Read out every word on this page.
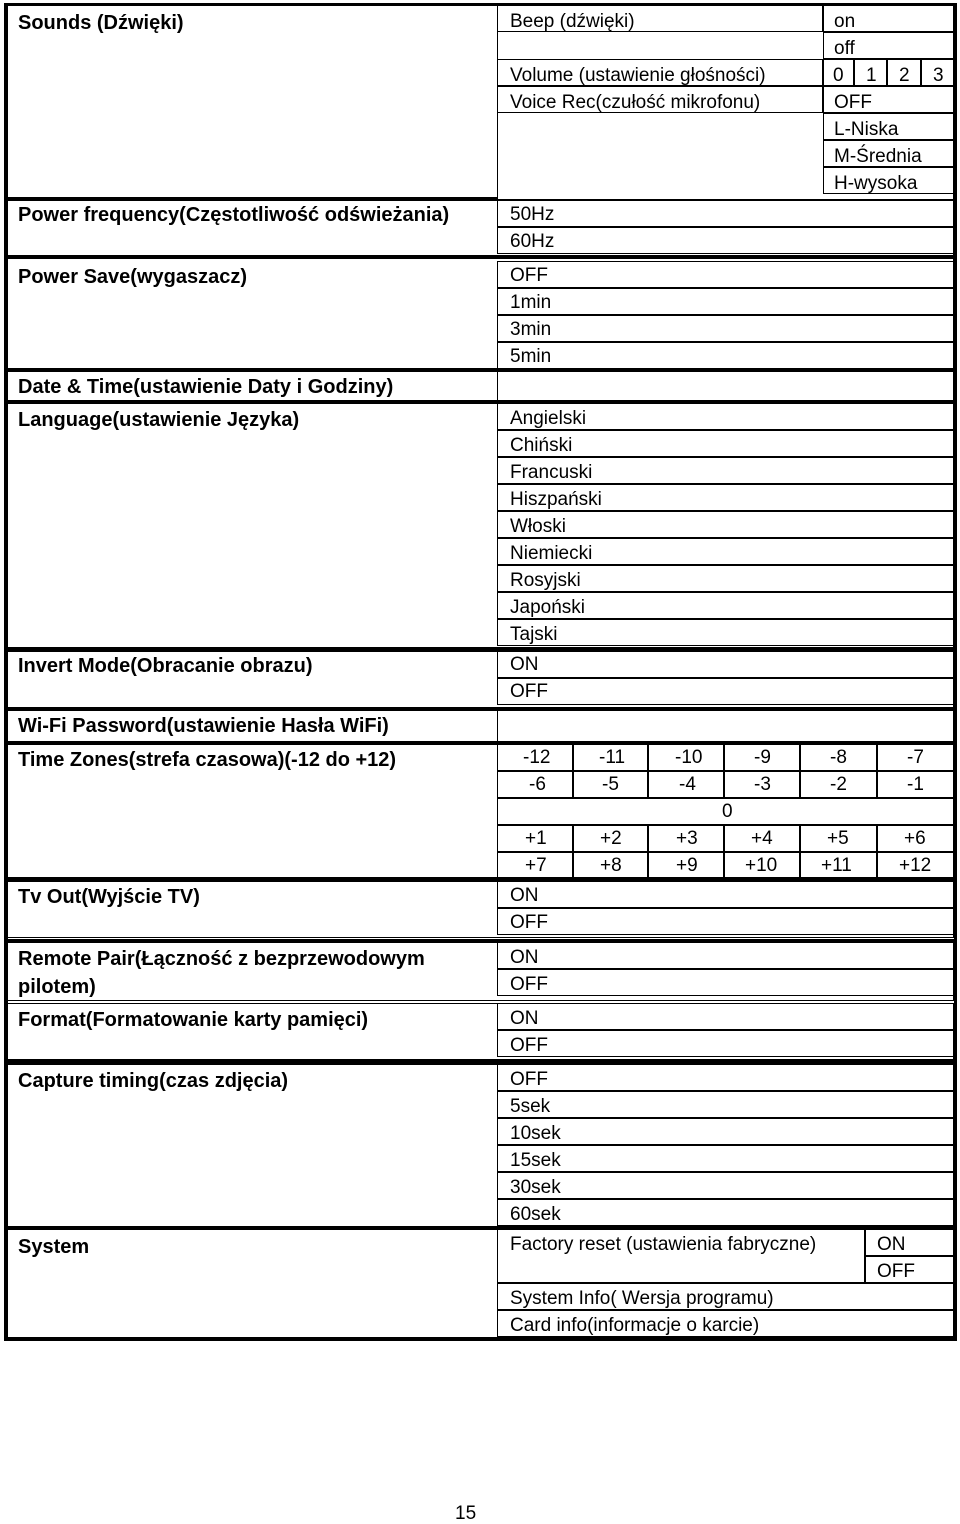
Sounds (Dźwięki)	Beep (dźwięki)	on
off
Volume (ustawienie głośności)	0 1 2 3
Voice Rec(czułość mikrofonu)	OFF
L-Niska
M-Średnia
H-wysoka
Power frequency(Częstotliwość odświeżania)	50Hz
60Hz
Power Save(wygaszacz)	OFF
1min
3min
5min
Date & Time(ustawienie Daty i Godziny)
Language(ustawienie Języka)	Angielski
Chiński
Francuski
Hiszpański
Włoski
Niemiecki
Rosyjski
Japoński
Tajski
Invert Mode(Obracanie obrazu)	ON
OFF
Wi-Fi Password(ustawienie Hasła WiFi)
Time Zones(strefa czasowa)(-12 do +12)	-12	-11	-10	-9	-8	-7
-6	-5	-4	-3	-2	-1
0
+1	+2	+3	+4	+5	+6
+7	+8	+9 +10 +11 +12
Tv Out(Wyjście TV)	ON
OFF
Remote Pair(Łączność z bezprzewodowym
pilotem)
ON
OFF
Format(Formatowanie karty pamięci)	ON
OFF
Capture timing(czas zdjęcia)	OFF
5sek
10sek
15sek
30sek
60sek
System	Factory reset (ustawienia fabryczne)	ON
OFF
System Info( Wersja programu)
Card info(informacje o karcie)
15
